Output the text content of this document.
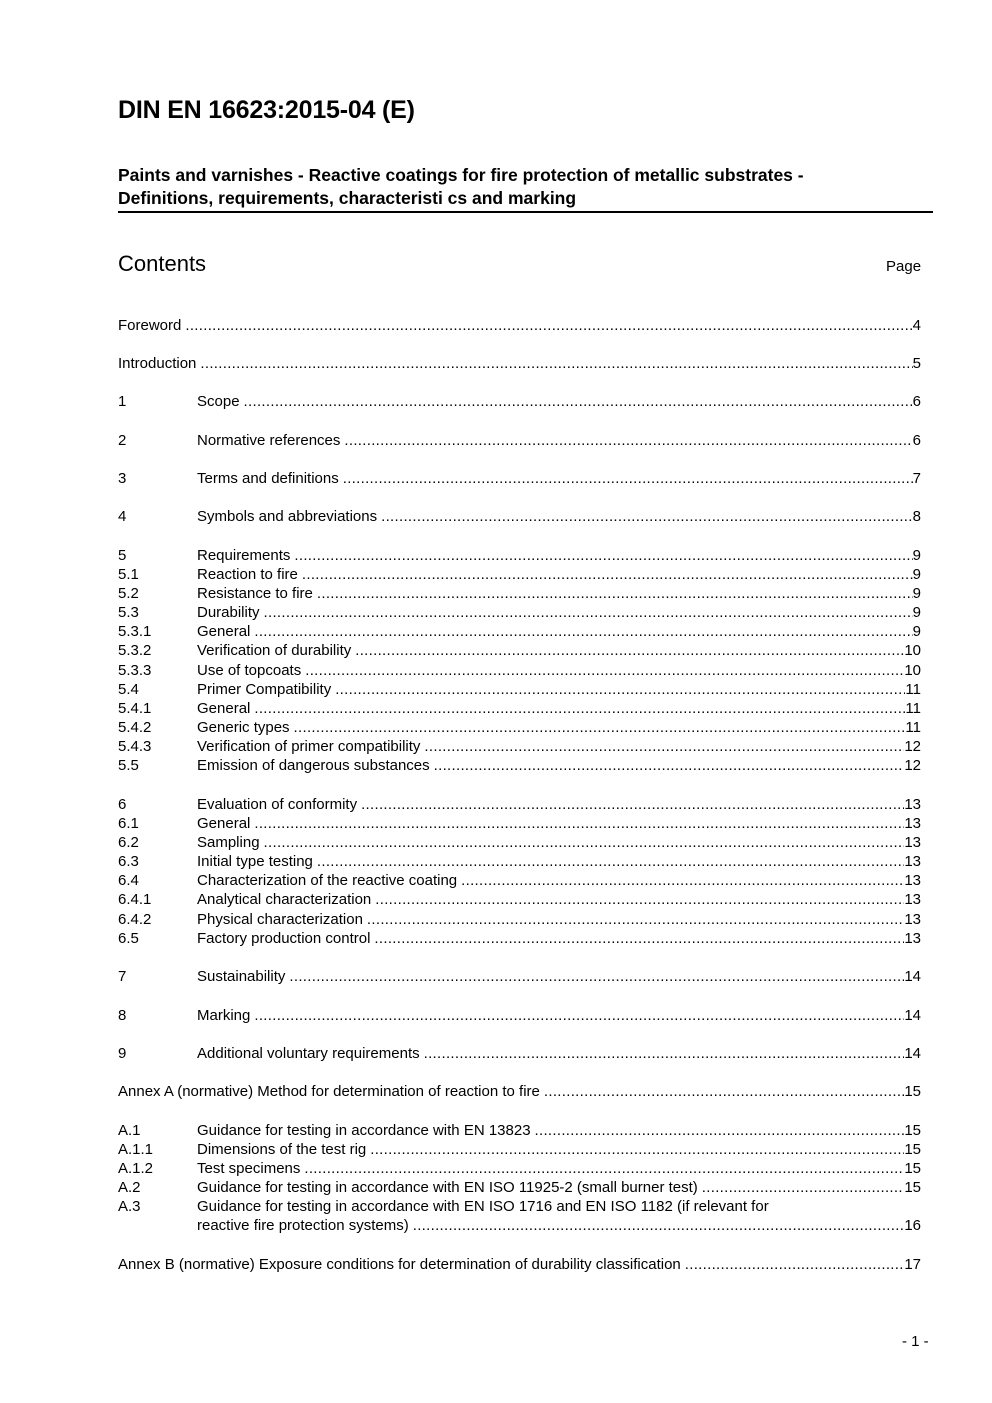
DIN EN 16623:2015-04 (E)
Paints and varnishes - Reactive coatings for fire protection of metallic substrates -
Definitions, requirements, characteristi cs and marking
Contents	Page
Foreword .....	4
Introduction .....	5
1	Scope .....	6
2	Normative references .....	6
3	Terms and definitions .....	7
4	Symbols and abbreviations .....	8
5	Requirements .....	9
5.1	Reaction to fire .....	9
5.2	Resistance to fire .....	9
5.3	Durability .....	9
5.3.1	General .....	9
5.3.2	Verification of durability .....	10
5.3.3	Use of topcoats .....	10
5.4	Primer Compatibility .....	11
5.4.1	General .....	11
5.4.2	Generic types .....	11
5.4.3	Verification of primer compatibility .....	12
5.5	Emission of dangerous substances .....	12
6	Evaluation of conformity .....	13
6.1	General .....	13
6.2	Sampling .....	13
6.3	Initial type testing .....	13
6.4	Characterization of the reactive coating .....	13
6.4.1	Analytical characterization .....	13
6.4.2	Physical characterization .....	13
6.5	Factory production control .....	13
7	Sustainability .....	14
8	Marking .....	14
9	Additional voluntary requirements .....	14
Annex A (normative) Method for determination of reaction to fire .....	15
A.1	Guidance for testing in accordance with EN 13823 .....	15
A.1.1	Dimensions of the test rig .....	15
A.1.2	Test specimens .....	15
A.2	Guidance for testing in accordance with EN ISO 11925-2 (small burner test) .....	15
A.3	Guidance for testing in accordance with EN ISO 1716 and EN ISO 1182 (if relevant for
reactive fire protection systems) .....	16
Annex B (normative) Exposure conditions for determination of durability classification .....	17
- 1 -
